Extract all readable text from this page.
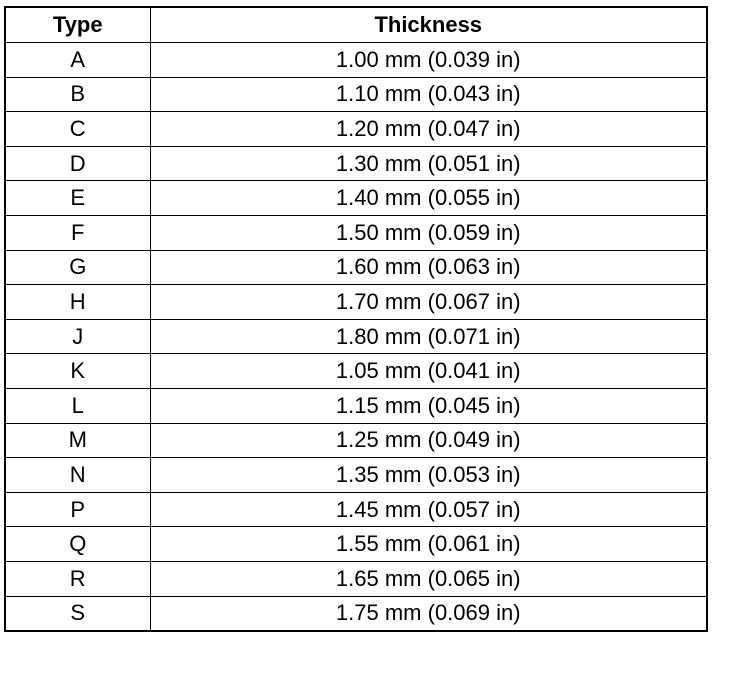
Type	Thickness
A	1.00 mm (0.039 in)
B	1.10 mm (0.043 in)
C	1.20 mm (0.047 in)
D	1.30 mm (0.051 in)
E	1.40 mm (0.055 in)
F	1.50 mm (0.059 in)
G	1.60 mm (0.063 in)
H	1.70 mm (0.067 in)
J	1.80 mm (0.071 in)
K	1.05 mm (0.041 in)
L	1.15 mm (0.045 in)
M	1.25 mm (0.049 in)
N	1.35 mm (0.053 in)
P	1.45 mm (0.057 in)
Q	1.55 mm (0.061 in)
R	1.65 mm (0.065 in)
S	1.75 mm (0.069 in)
